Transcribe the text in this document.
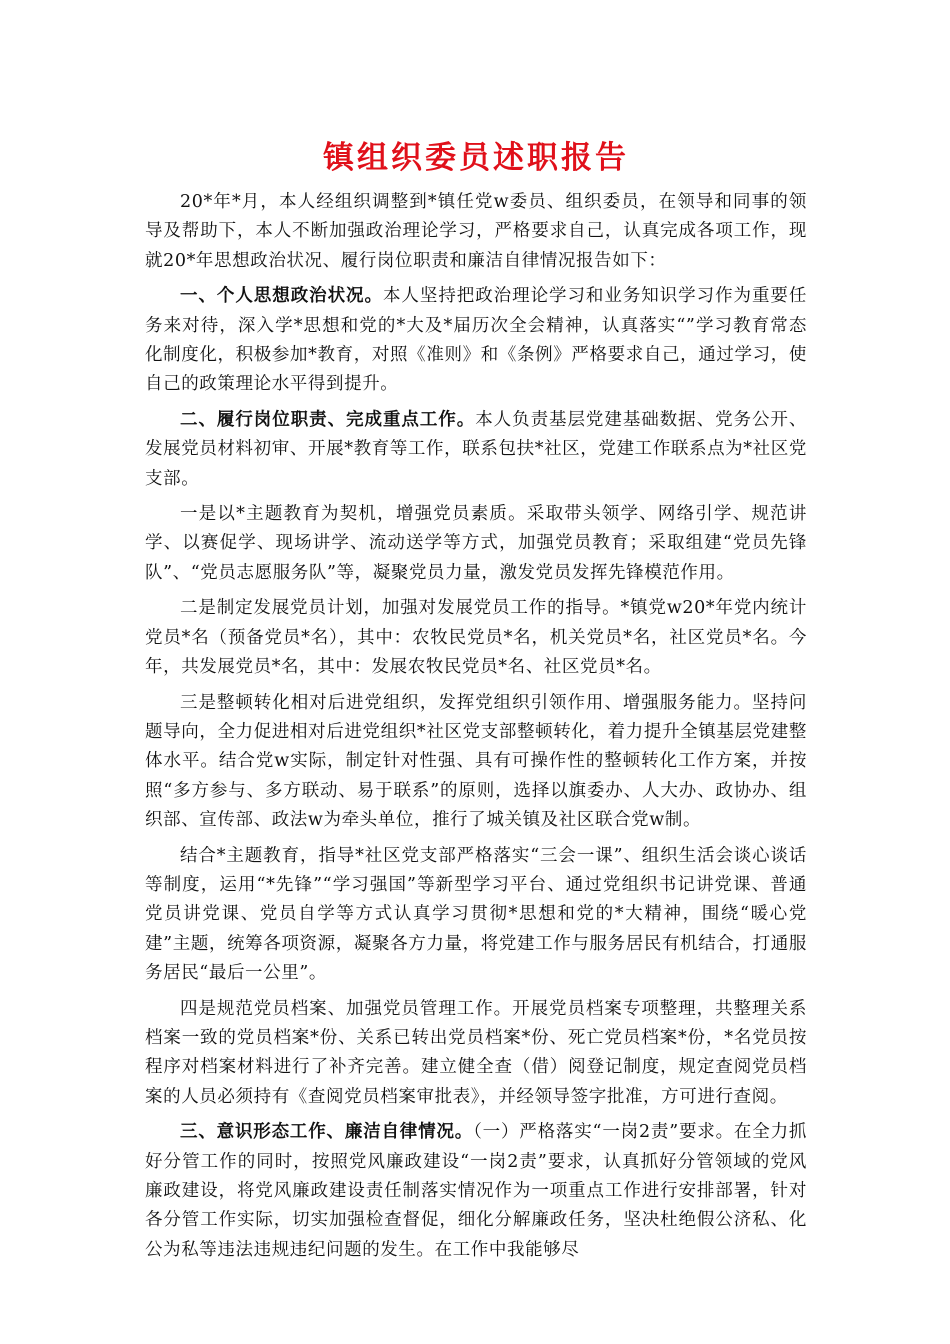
镇组织委员述职报告

20*年*月，本人经组织调整到*镇任党w委员、组织委员，在领导和同事的领导及帮助下，本人不断加强政治理论学习，严格要求自己，认真完成各项工作，现就20*年思想政治状况、履行岗位职责和廉洁自律情况报告如下：

一、个人思想政治状况。本人坚持把政治理论学习和业务知识学习作为重要任务来对待，深入学*思想和党的*大及*届历次全会精神，认真落实“”学习教育常态化制度化，积极参加*教育，对照《准则》和《条例》严格要求自己，通过学习，使自己的政策理论水平得到提升。

二、履行岗位职责、完成重点工作。本人负责基层党建基础数据、党务公开、发展党员材料初审、开展*教育等工作，联系包扶*社区，党建工作联系点为*社区党支部。

一是以*主题教育为契机，增强党员素质。采取带头领学、网络引学、规范讲学、以赛促学、现场讲学、流动送学等方式，加强党员教育；采取组建“党员先锋队”、“党员志愿服务队”等，凝聚党员力量，激发党员发挥先锋模范作用。

二是制定发展党员计划，加强对发展党员工作的指导。*镇党w20*年党内统计党员*名（预备党员*名），其中：农牧民党员*名，机关党员*名，社区党员*名。今年，共发展党员*名，其中：发展农牧民党员*名、社区党员*名。

三是整顿转化相对后进党组织，发挥党组织引领作用、增强服务能力。坚持问题导向，全力促进相对后进党组织*社区党支部整顿转化，着力提升全镇基层党建整体水平。结合党w实际，制定针对性强、具有可操作性的整顿转化工作方案，并按照“多方参与、多方联动、易于联系”的原则，选择以旗委办、人大办、政协办、组织部、宣传部、政法w为牵头单位，推行了城关镇及社区联合党w制。

结合*主题教育，指导*社区党支部严格落实“三会一课”、组织生活会谈心谈话等制度，运用“*先锋”“学习强国”等新型学习平台、通过党组织书记讲党课、普通党员讲党课、党员自学等方式认真学习贯彻*思想和党的*大精神，围绕“暖心党建”主题，统筹各项资源，凝聚各方力量，将党建工作与服务居民有机结合，打通服务居民“最后一公里”。

四是规范党员档案、加强党员管理工作。开展党员档案专项整理，共整理关系档案一致的党员档案*份、关系已转出党员档案*份、死亡党员档案*份，*名党员按程序对档案材料进行了补齐完善。建立健全查（借）阅登记制度，规定查阅党员档案的人员必须持有《查阅党员档案审批表》，并经领导签字批准，方可进行查阅。

三、意识形态工作、廉洁自律情况。（一）严格落实“一岗2责”要求。在全力抓好分管工作的同时，按照党风廉政建设“一岗2责”要求，认真抓好分管领域的党风廉政建设，将党风廉政建设责任制落实情况作为一项重点工作进行安排部署，针对各分管工作实际，切实加强检查督促，细化分解廉政任务，坚决杜绝假公济私、化公为私等违法违规违纪问题的发生。在工作中我能够尽
